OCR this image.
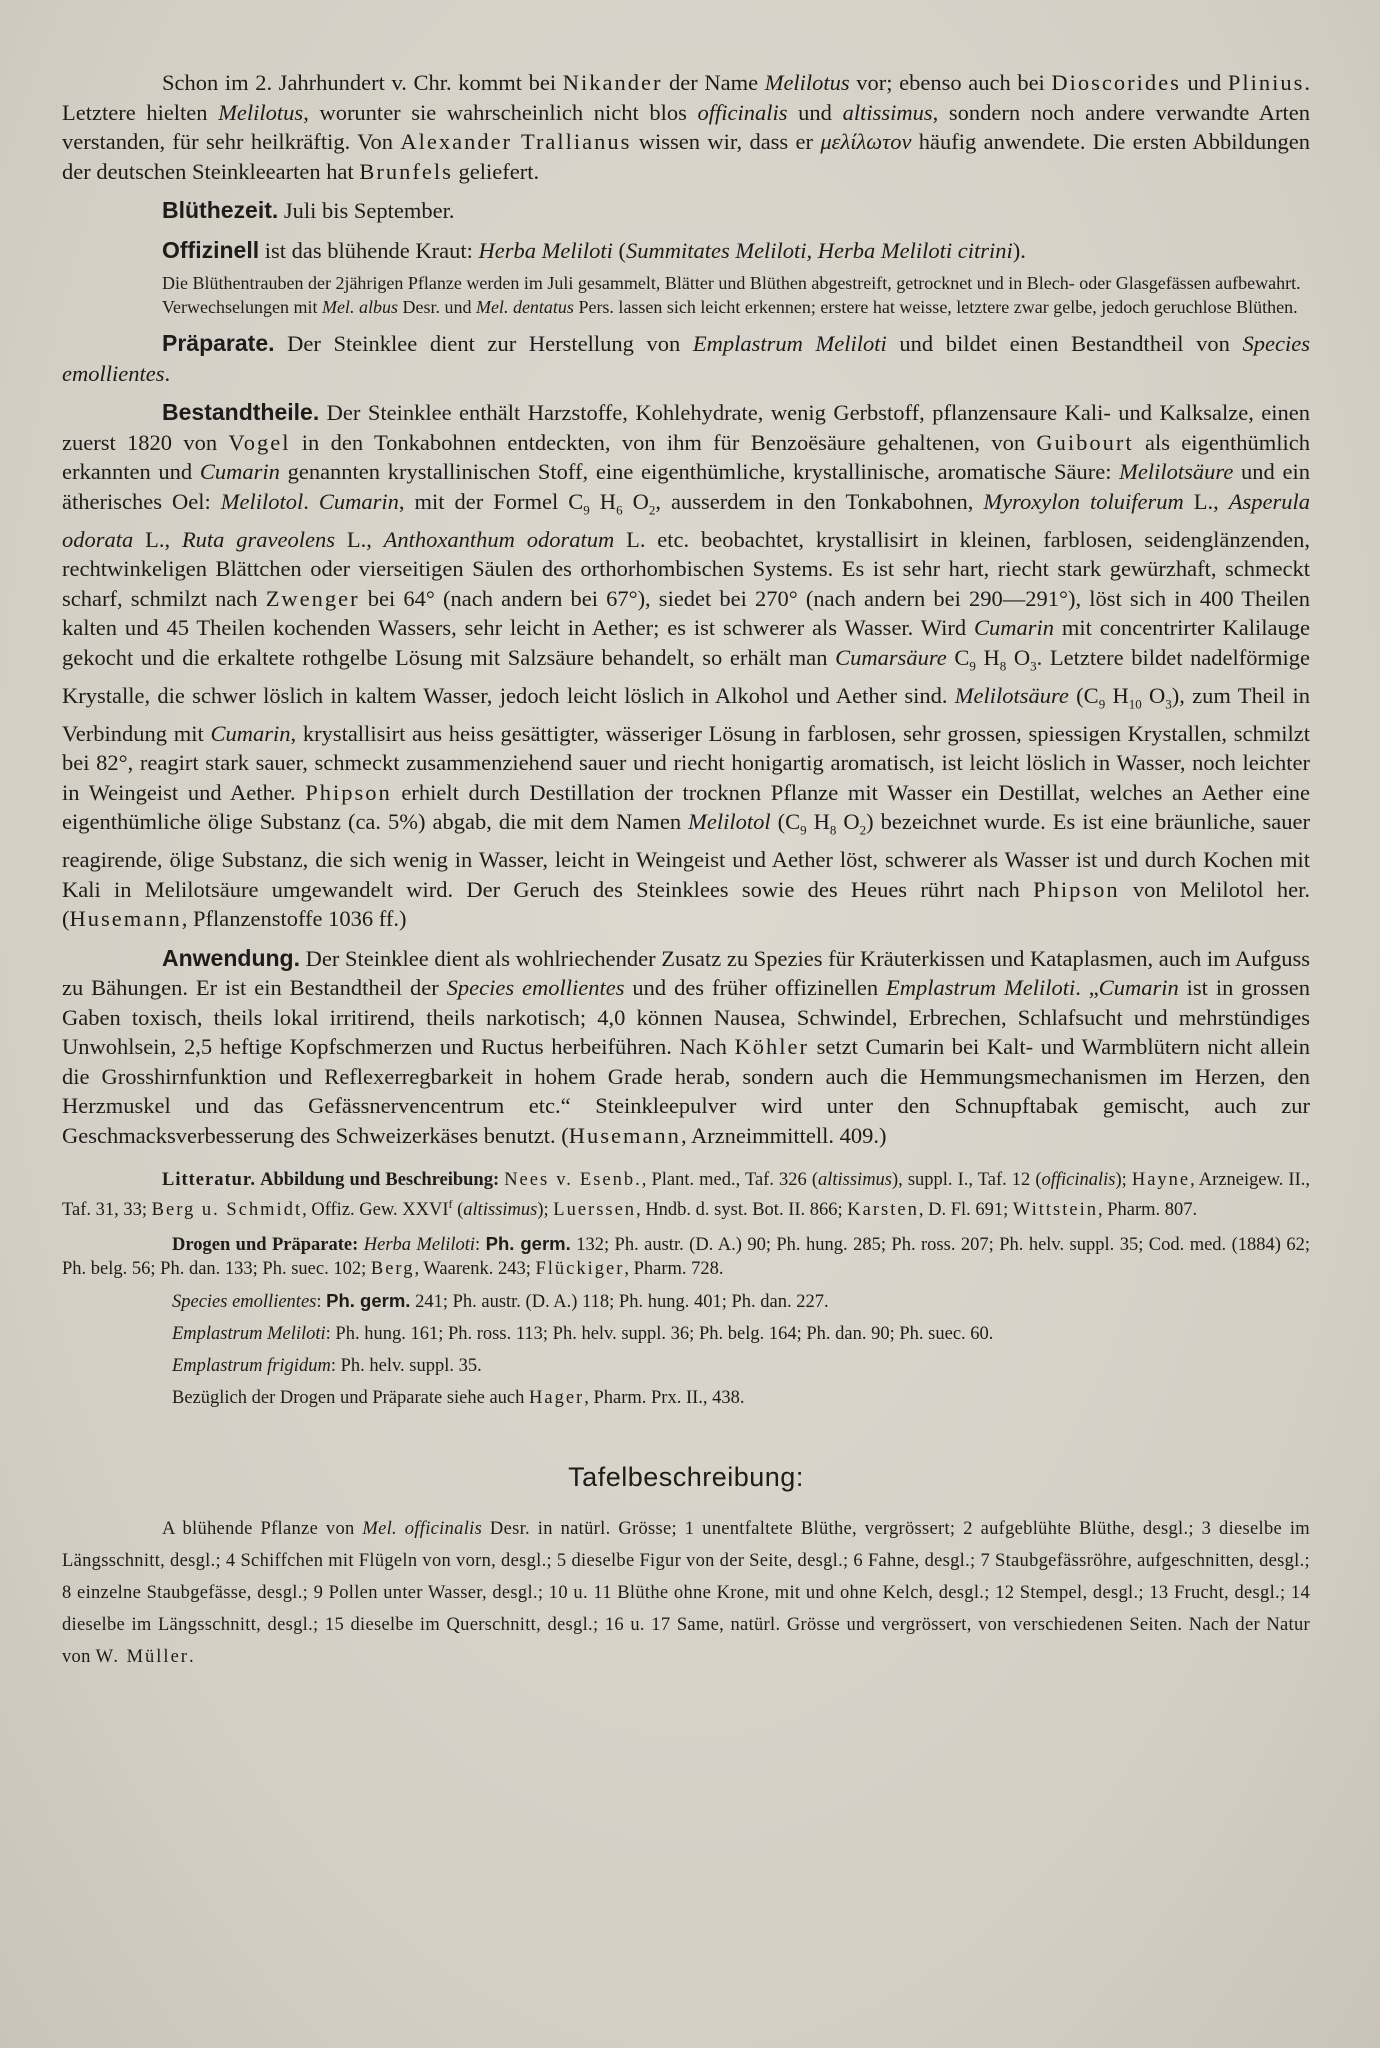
Schon im 2. Jahrhundert v. Chr. kommt bei Nikander der Name Melilotus vor; ebenso auch bei Dioscorides und Plinius. Letztere hielten Melilotus, worunter sie wahrscheinlich nicht blos officinalis und altissimus, sondern noch andere verwandte Arten verstanden, für sehr heilkräftig. Von Alexander Trallianus wissen wir, dass er μελίλωτον häufig anwendete. Die ersten Abbildungen der deutschen Steinkleearten hat Brunfels geliefert.

Blüthezeit. Juli bis September.

Offizinell ist das blühende Kraut: Herba Meliloti (Summitates Meliloti, Herba Meliloti citrini).

Die Blüthentrauben der 2jährigen Pflanze werden im Juli gesammelt, Blätter und Blüthen abgestreift, getrocknet und in Blech- oder Glasgefässen aufbewahrt.

Verwechselungen mit Mel. albus Desr. und Mel. dentatus Pers. lassen sich leicht erkennen; erstere hat weisse, letztere zwar gelbe, jedoch geruchlose Blüthen.

Präparate. Der Steinklee dient zur Herstellung von Emplastrum Meliloti und bildet einen Bestandtheil von Species emollientes.

Bestandtheile. Der Steinklee enthält Harzstoffe, Kohlehydrate, wenig Gerbstoff, pflanzensaure Kali- und Kalksalze, einen zuerst 1820 von Vogel in den Tonkabohnen entdeckten, von ihm für Benzoësäure gehaltenen, von Guibourt als eigenthümlich erkannten und Cumarin genannten krystallinischen Stoff, eine eigenthümliche, krystallinische, aromatische Säure: Melilotsäure und ein ätherisches Oel: Melilotol. Cumarin, mit der Formel $C_9$ $H_6$ $O_2$, ausserdem in den Tonkabohnen, Myroxylon toluiferum L., Asperula odorata L., Ruta graveolens L., Anthoxanthum odoratum L. etc. beobachtet, krystallisirt in kleinen, farblosen, seidenglänzenden, rechtwinkeligen Blättchen oder vierseitigen Säulen des orthorhombischen Systems. Es ist sehr hart, riecht stark gewürzhaft, schmeckt scharf, schmilzt nach Zwenger bei 64° (nach andern bei 67°), siedet bei 270° (nach andern bei 290—291°), löst sich in 400 Theilen kalten und 45 Theilen kochenden Wassers, sehr leicht in Aether; es ist schwerer als Wasser. Wird Cumarin mit concentrirter Kalilauge gekocht und die erkaltete rothgelbe Lösung mit Salzsäure behandelt, so erhält man Cumarsäure $C_9$ $H_8$ $O_3$. Letztere bildet nadelförmige Krystalle, die schwer löslich in kaltem Wasser, jedoch leicht löslich in Alkohol und Aether sind. Melilotsäure ($C_9$ $H_{10}$ $O_3$), zum Theil in Verbindung mit Cumarin, krystallisirt aus heiss gesättigter, wässeriger Lösung in farblosen, sehr grossen, spiessigen Krystallen, schmilzt bei 82°, reagirt stark sauer, schmeckt zusammenziehend sauer und riecht honigartig aromatisch, ist leicht löslich in Wasser, noch leichter in Weingeist und Aether. Phipson erhielt durch Destillation der trocknen Pflanze mit Wasser ein Destillat, welches an Aether eine eigenthümliche ölige Substanz (ca. 5%) abgab, die mit dem Namen Melilotol ($C_9$ $H_8$ $O_2$) bezeichnet wurde. Es ist eine bräunliche, sauer reagirende, ölige Substanz, die sich wenig in Wasser, leicht in Weingeist und Aether löst, schwerer als Wasser ist und durch Kochen mit Kali in Melilotsäure umgewandelt wird. Der Geruch des Steinklees sowie des Heues rührt nach Phipson von Melilotol her. (Husemann, Pflanzenstoffe 1036 ff.)

Anwendung. Der Steinklee dient als wohlriechender Zusatz zu Spezies für Kräuterkissen und Kataplasmen, auch im Aufguss zu Bähungen. Er ist ein Bestandtheil der Species emollientes und des früher offizinellen Emplastrum Meliloti. „Cumarin ist in grossen Gaben toxisch, theils lokal irritirend, theils narkotisch; 4,0 können Nausea, Schwindel, Erbrechen, Schlafsucht und mehrstündiges Unwohlsein, 2,5 heftige Kopfschmerzen und Ructus herbeiführen. Nach Köhler setzt Cumarin bei Kalt- und Warmblütern nicht allein die Grosshirnfunktion und Reflexerregbarkeit in hohem Grade herab, sondern auch die Hemmungsmechanismen im Herzen, den Herzmuskel und das Gefässnervencentrum etc.“ Steinkleepulver wird unter den Schnupftabak gemischt, auch zur Geschmacksverbesserung des Schweizerkäses benutzt. (Husemann, Arzneimmittell. 409.)

Litteratur. Abbildung und Beschreibung: Nees v. Esenb., Plant. med., Taf. 326 (altissimus), suppl. I., Taf. 12 (officinalis); Hayne, Arzneigew. II., Taf. 31, 33; Berg u. Schmidt, Offiz. Gew. XXVI$^f$ (altissimus); Luerssen, Hndb. d. syst. Bot. II. 866; Karsten, D. Fl. 691; Wittstein, Pharm. 807.

Drogen und Präparate: Herba Meliloti: Ph. germ. 132; Ph. austr. (D. A.) 90; Ph. hung. 285; Ph. ross. 207; Ph. helv. suppl. 35; Cod. med. (1884) 62; Ph. belg. 56; Ph. dan. 133; Ph. suec. 102; Berg, Waarenk. 243; Flückiger, Pharm. 728.

Species emollientes: Ph. germ. 241; Ph. austr. (D. A.) 118; Ph. hung. 401; Ph. dan. 227.

Emplastrum Meliloti: Ph. hung. 161; Ph. ross. 113; Ph. helv. suppl. 36; Ph. belg. 164; Ph. dan. 90; Ph. suec. 60.

Emplastrum frigidum: Ph. helv. suppl. 35.

Bezüglich der Drogen und Präparate siehe auch Hager, Pharm. Prx. II., 438.

Tafelbeschreibung:

A blühende Pflanze von Mel. officinalis Desr. in natürl. Grösse; 1 unentfaltete Blüthe, vergrössert; 2 aufgeblühte Blüthe, desgl.; 3 dieselbe im Längsschnitt, desgl.; 4 Schiffchen mit Flügeln von vorn, desgl.; 5 dieselbe Figur von der Seite, desgl.; 6 Fahne, desgl.; 7 Staubgefässröhre, aufgeschnitten, desgl.; 8 einzelne Staubgefässe, desgl.; 9 Pollen unter Wasser, desgl.; 10 u. 11 Blüthe ohne Krone, mit und ohne Kelch, desgl.; 12 Stempel, desgl.; 13 Frucht, desgl.; 14 dieselbe im Längsschnitt, desgl.; 15 dieselbe im Querschnitt, desgl.; 16 u. 17 Same, natürl. Grösse und vergrössert, von verschiedenen Seiten. Nach der Natur von W. Müller.
